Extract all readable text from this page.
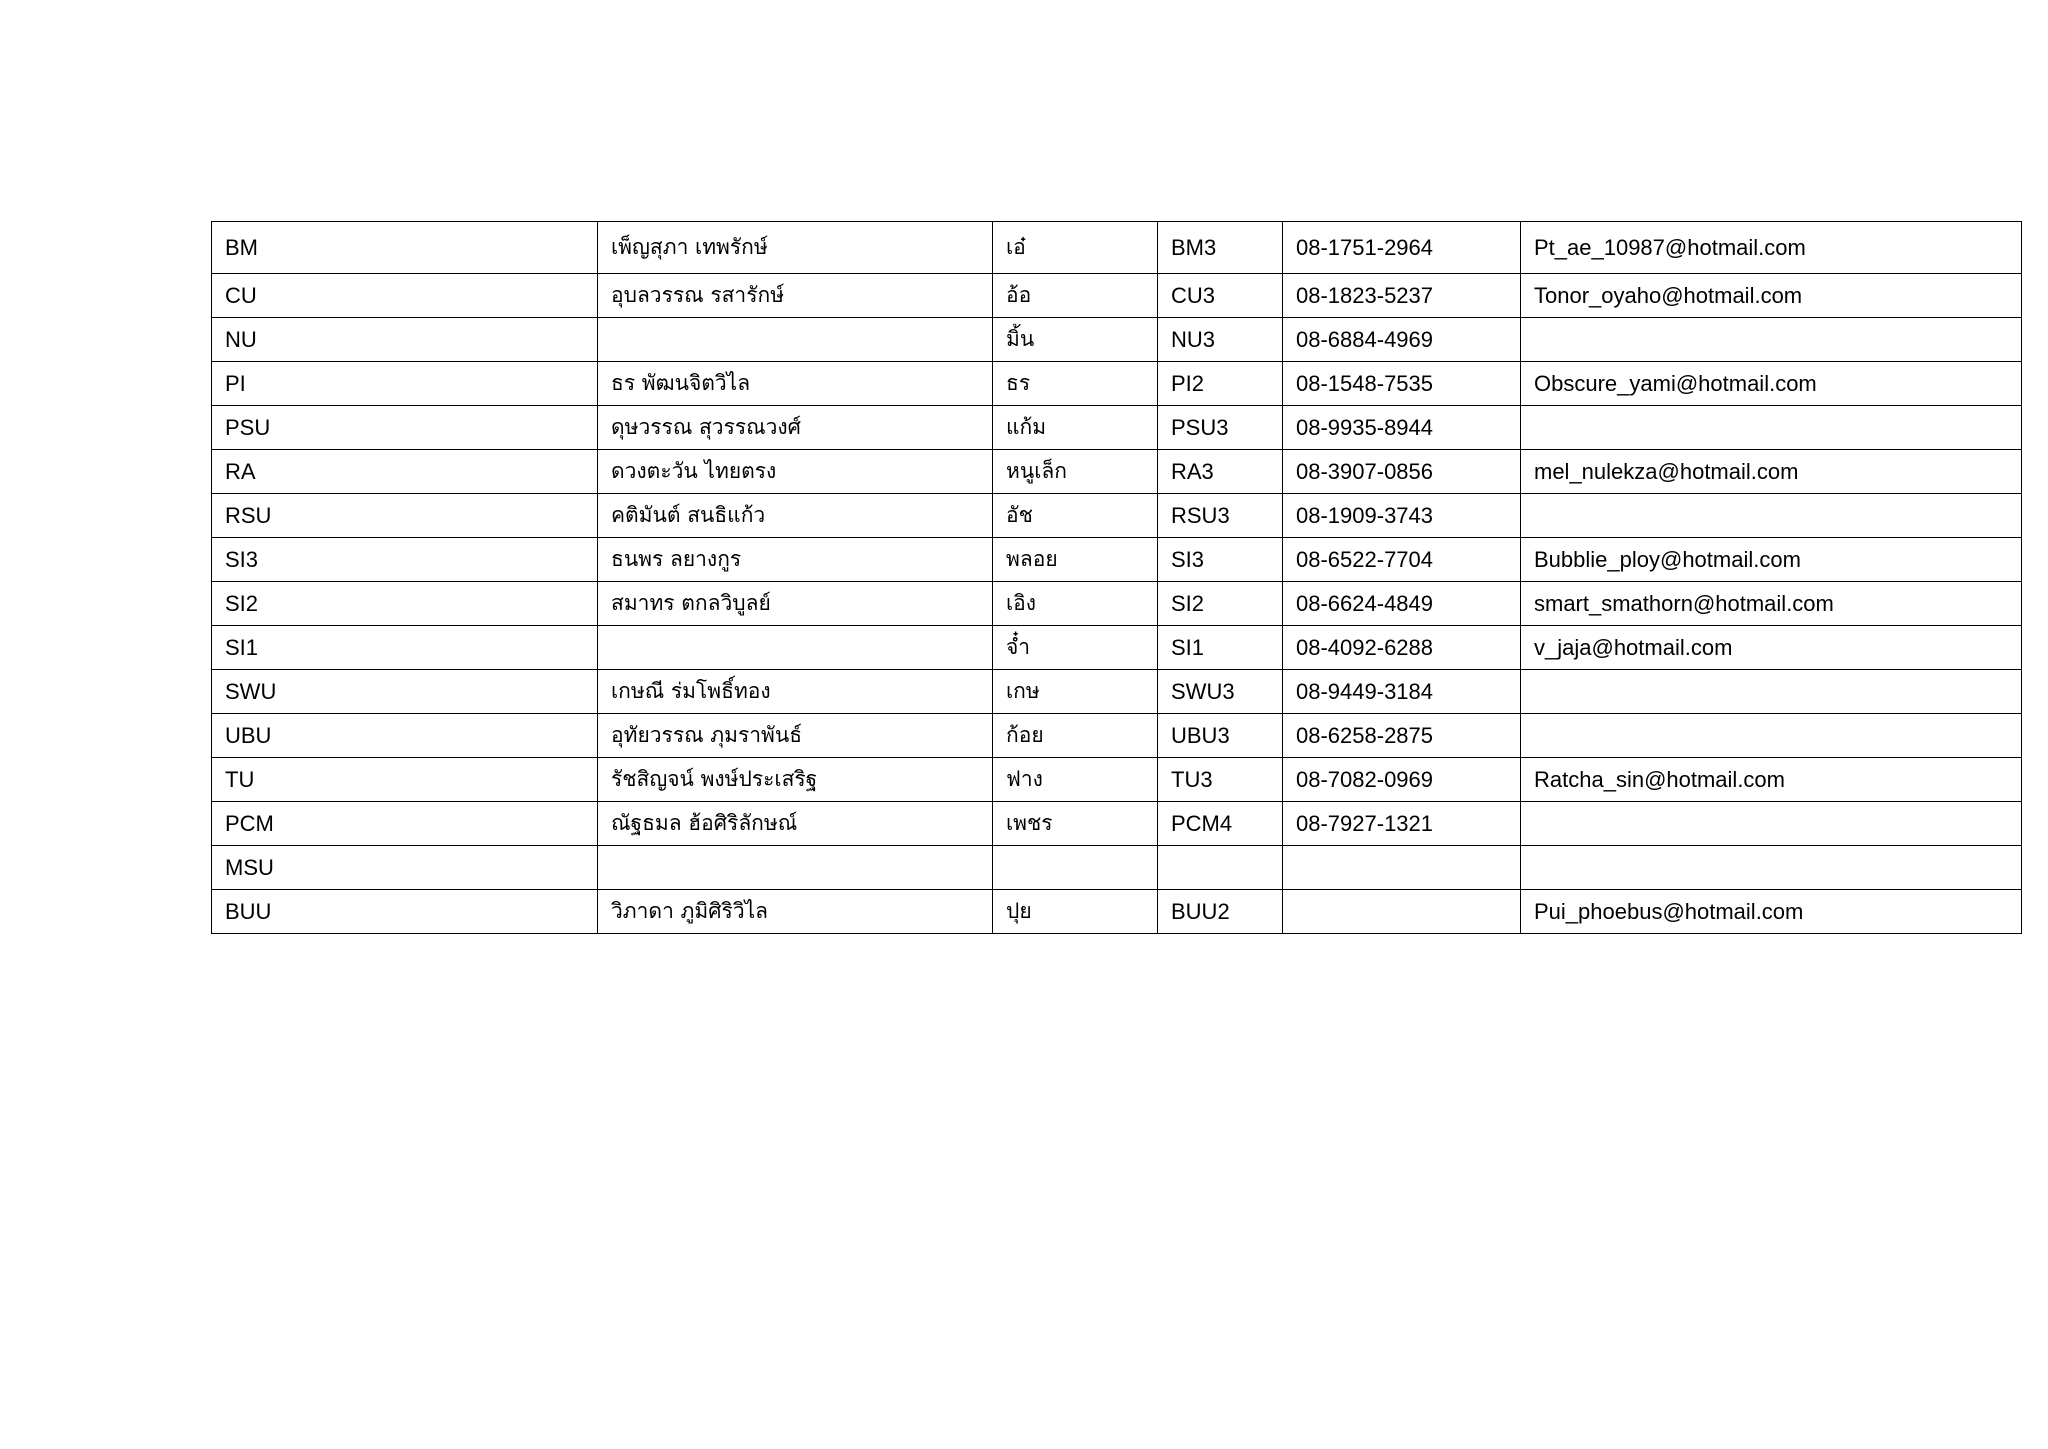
BM	เพ็ญสุภา เทพรักษ์	เอ๋	BM3	08-1751-2964	Pt_ae_10987@hotmail.com
CU	อุบลวรรณ รสารักษ์	อ้อ	CU3	08-1823-5237	Tonor_oyaho@hotmail.com
NU		มิ้น	NU3	08-6884-4969	
PI	ธร พัฒนจิตวิไล	ธร	PI2	08-1548-7535	Obscure_yami@hotmail.com
PSU	ดุษวรรณ สุวรรณวงศ์	แก้ม	PSU3	08-9935-8944	
RA	ดวงตะวัน ไทยตรง	หนูเล็ก	RA3	08-3907-0856	mel_nulekza@hotmail.com
RSU	คติมันต์ สนธิแก้ว	อัช	RSU3	08-1909-3743	
SI3	ธนพร ลยางกูร	พลอย	SI3	08-6522-7704	Bubblie_ploy@hotmail.com
SI2	สมาทร ตกลวิบูลย์	เอิง	SI2	08-6624-4849	smart_smathorn@hotmail.com
SI1		จ๋ำ	SI1	08-4092-6288	v_jaja@hotmail.com
SWU	เกษณี ร่มโพธิ์ทอง	เกษ	SWU3	08-9449-3184	
UBU	อุทัยวรรณ ภุมราพันธ์	ก้อย	UBU3	08-6258-2875	
TU	รัชสิญจน์ พงษ์ประเสริฐ	ฟาง	TU3	08-7082-0969	Ratcha_sin@hotmail.com
PCM	ณัฐธมล ฮ้อศิริลักษณ์	เพชร	PCM4	08-7927-1321	
MSU					
BUU	วิภาดา ภูมิศิริวิไล	ปุย	BUU2		Pui_phoebus@hotmail.com
